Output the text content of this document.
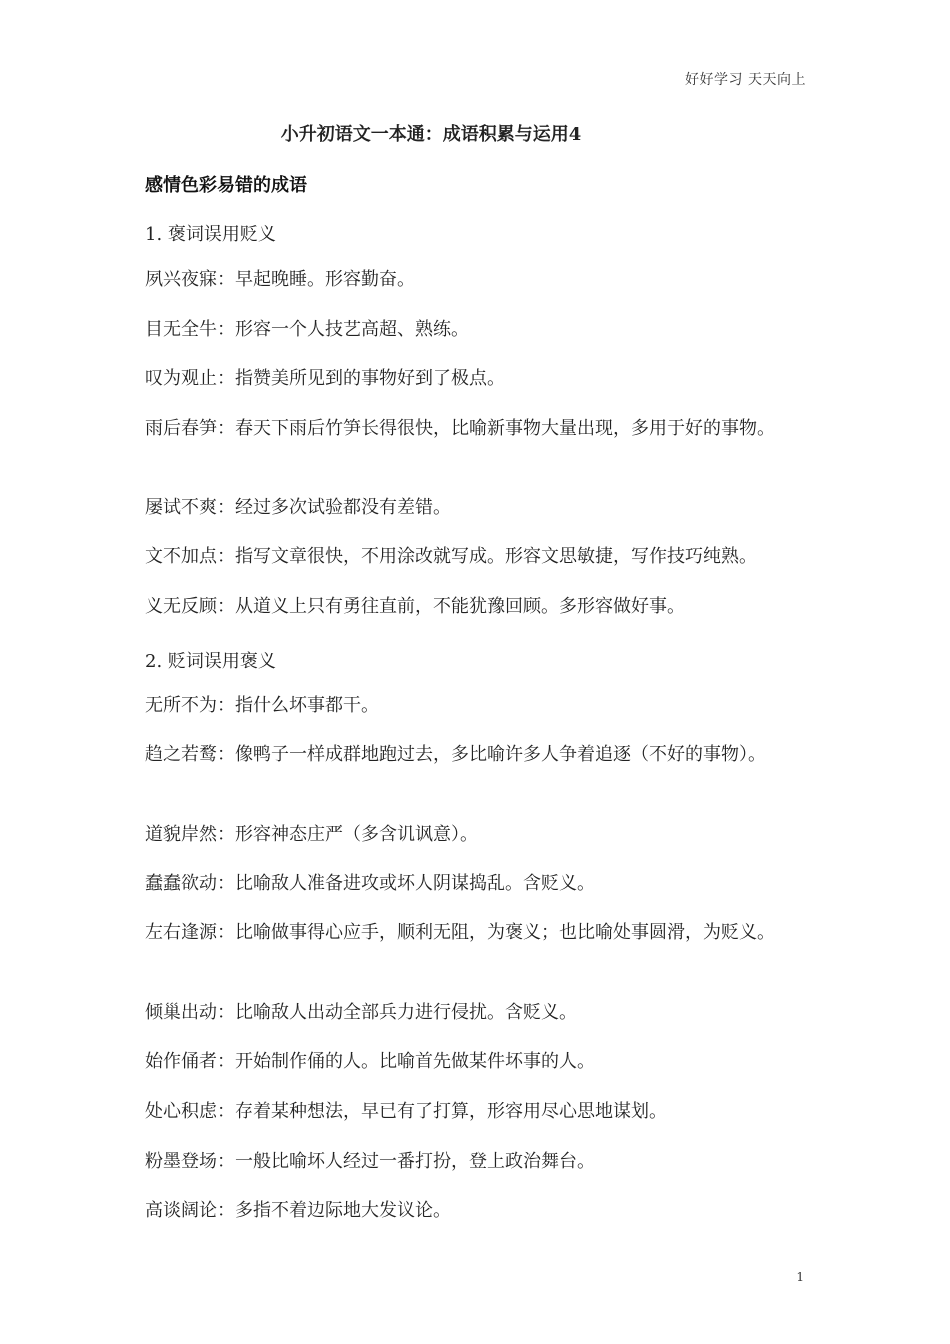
好好学习 天天向上
小升初语文一本通：成语积累与运用4
感情色彩易错的成语
1. 褒词误用贬义
夙兴夜寐：早起晚睡。形容勤奋。
目无全牛：形容一个人技艺高超、熟练。
叹为观止：指赞美所见到的事物好到了极点。
雨后春笋：春天下雨后竹笋长得很快，比喻新事物大量出现，多用于好的事物。
屡试不爽：经过多次试验都没有差错。
文不加点：指写文章很快，不用涂改就写成。形容文思敏捷，写作技巧纯熟。
义无反顾：从道义上只有勇往直前，不能犹豫回顾。多形容做好事。
2. 贬词误用褒义
无所不为：指什么坏事都干。
趋之若鹜：像鸭子一样成群地跑过去，多比喻许多人争着追逐（不好的事物）。
道貌岸然：形容神态庄严（多含讥讽意）。
蠢蠢欲动：比喻敌人准备进攻或坏人阴谋捣乱。含贬义。
左右逢源：比喻做事得心应手，顺利无阻，为褒义；也比喻处事圆滑，为贬义。
倾巢出动：比喻敌人出动全部兵力进行侵扰。含贬义。
始作俑者：开始制作俑的人。比喻首先做某件坏事的人。
处心积虑：存着某种想法，早已有了打算，形容用尽心思地谋划。
粉墨登场：一般比喻坏人经过一番打扮，登上政治舞台。
高谈阔论：多指不着边际地大发议论。
1
